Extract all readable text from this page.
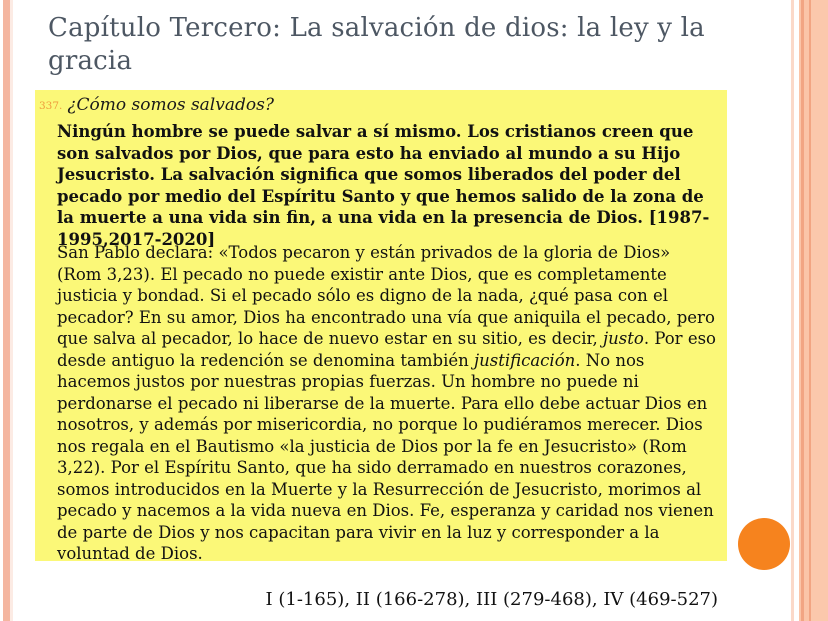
Capítulo Tercero: La salvación de dios: la ley y la gracia
337. ¿Cómo somos salvados?

Ningún hombre se puede salvar a sí mismo. Los cristianos creen que son salvados por Dios, que para esto ha enviado al mundo a su Hijo Jesucristo. La salvación significa que somos liberados del poder del pecado por medio del Espíritu Santo y que hemos salido de la zona de la muerte a una vida sin fin, a una vida en la presencia de Dios. [1987-1995,2017-2020]

San Pablo declara: «Todos pecaron y están privados de la gloria de Dios» (Rom 3,23). El pecado no puede existir ante Dios, que es completamente justicia y bondad. Si el pecado sólo es digno de la nada, ¿qué pasa con el pecador? En su amor, Dios ha encontrado una vía que aniquila el pecado, pero que salva al pecador, lo hace de nuevo estar en su sitio, es decir, justo. Por eso desde antiguo la redención se denomina también justificación. No nos hacemos justos por nuestras propias fuerzas. Un hombre no puede ni perdonarse el pecado ni liberarse de la muerte. Para ello debe actuar Dios en nosotros, y además por misericordia, no porque lo pudiéramos merecer. Dios nos regala en el Bautismo «la justicia de Dios por la fe en Jesucristo» (Rom 3,22). Por el Espíritu Santo, que ha sido derramado en nuestros corazones, somos introducidos en la Muerte y la Resurrección de Jesucristo, morimos al pecado y nacemos a la vida nueva en Dios. Fe, esperanza y caridad nos vienen de parte de Dios y nos capacitan para vivir en la luz y corresponder a la voluntad de Dios.

I (1-165), II (166-278), III (279-468), IV (469-527)
